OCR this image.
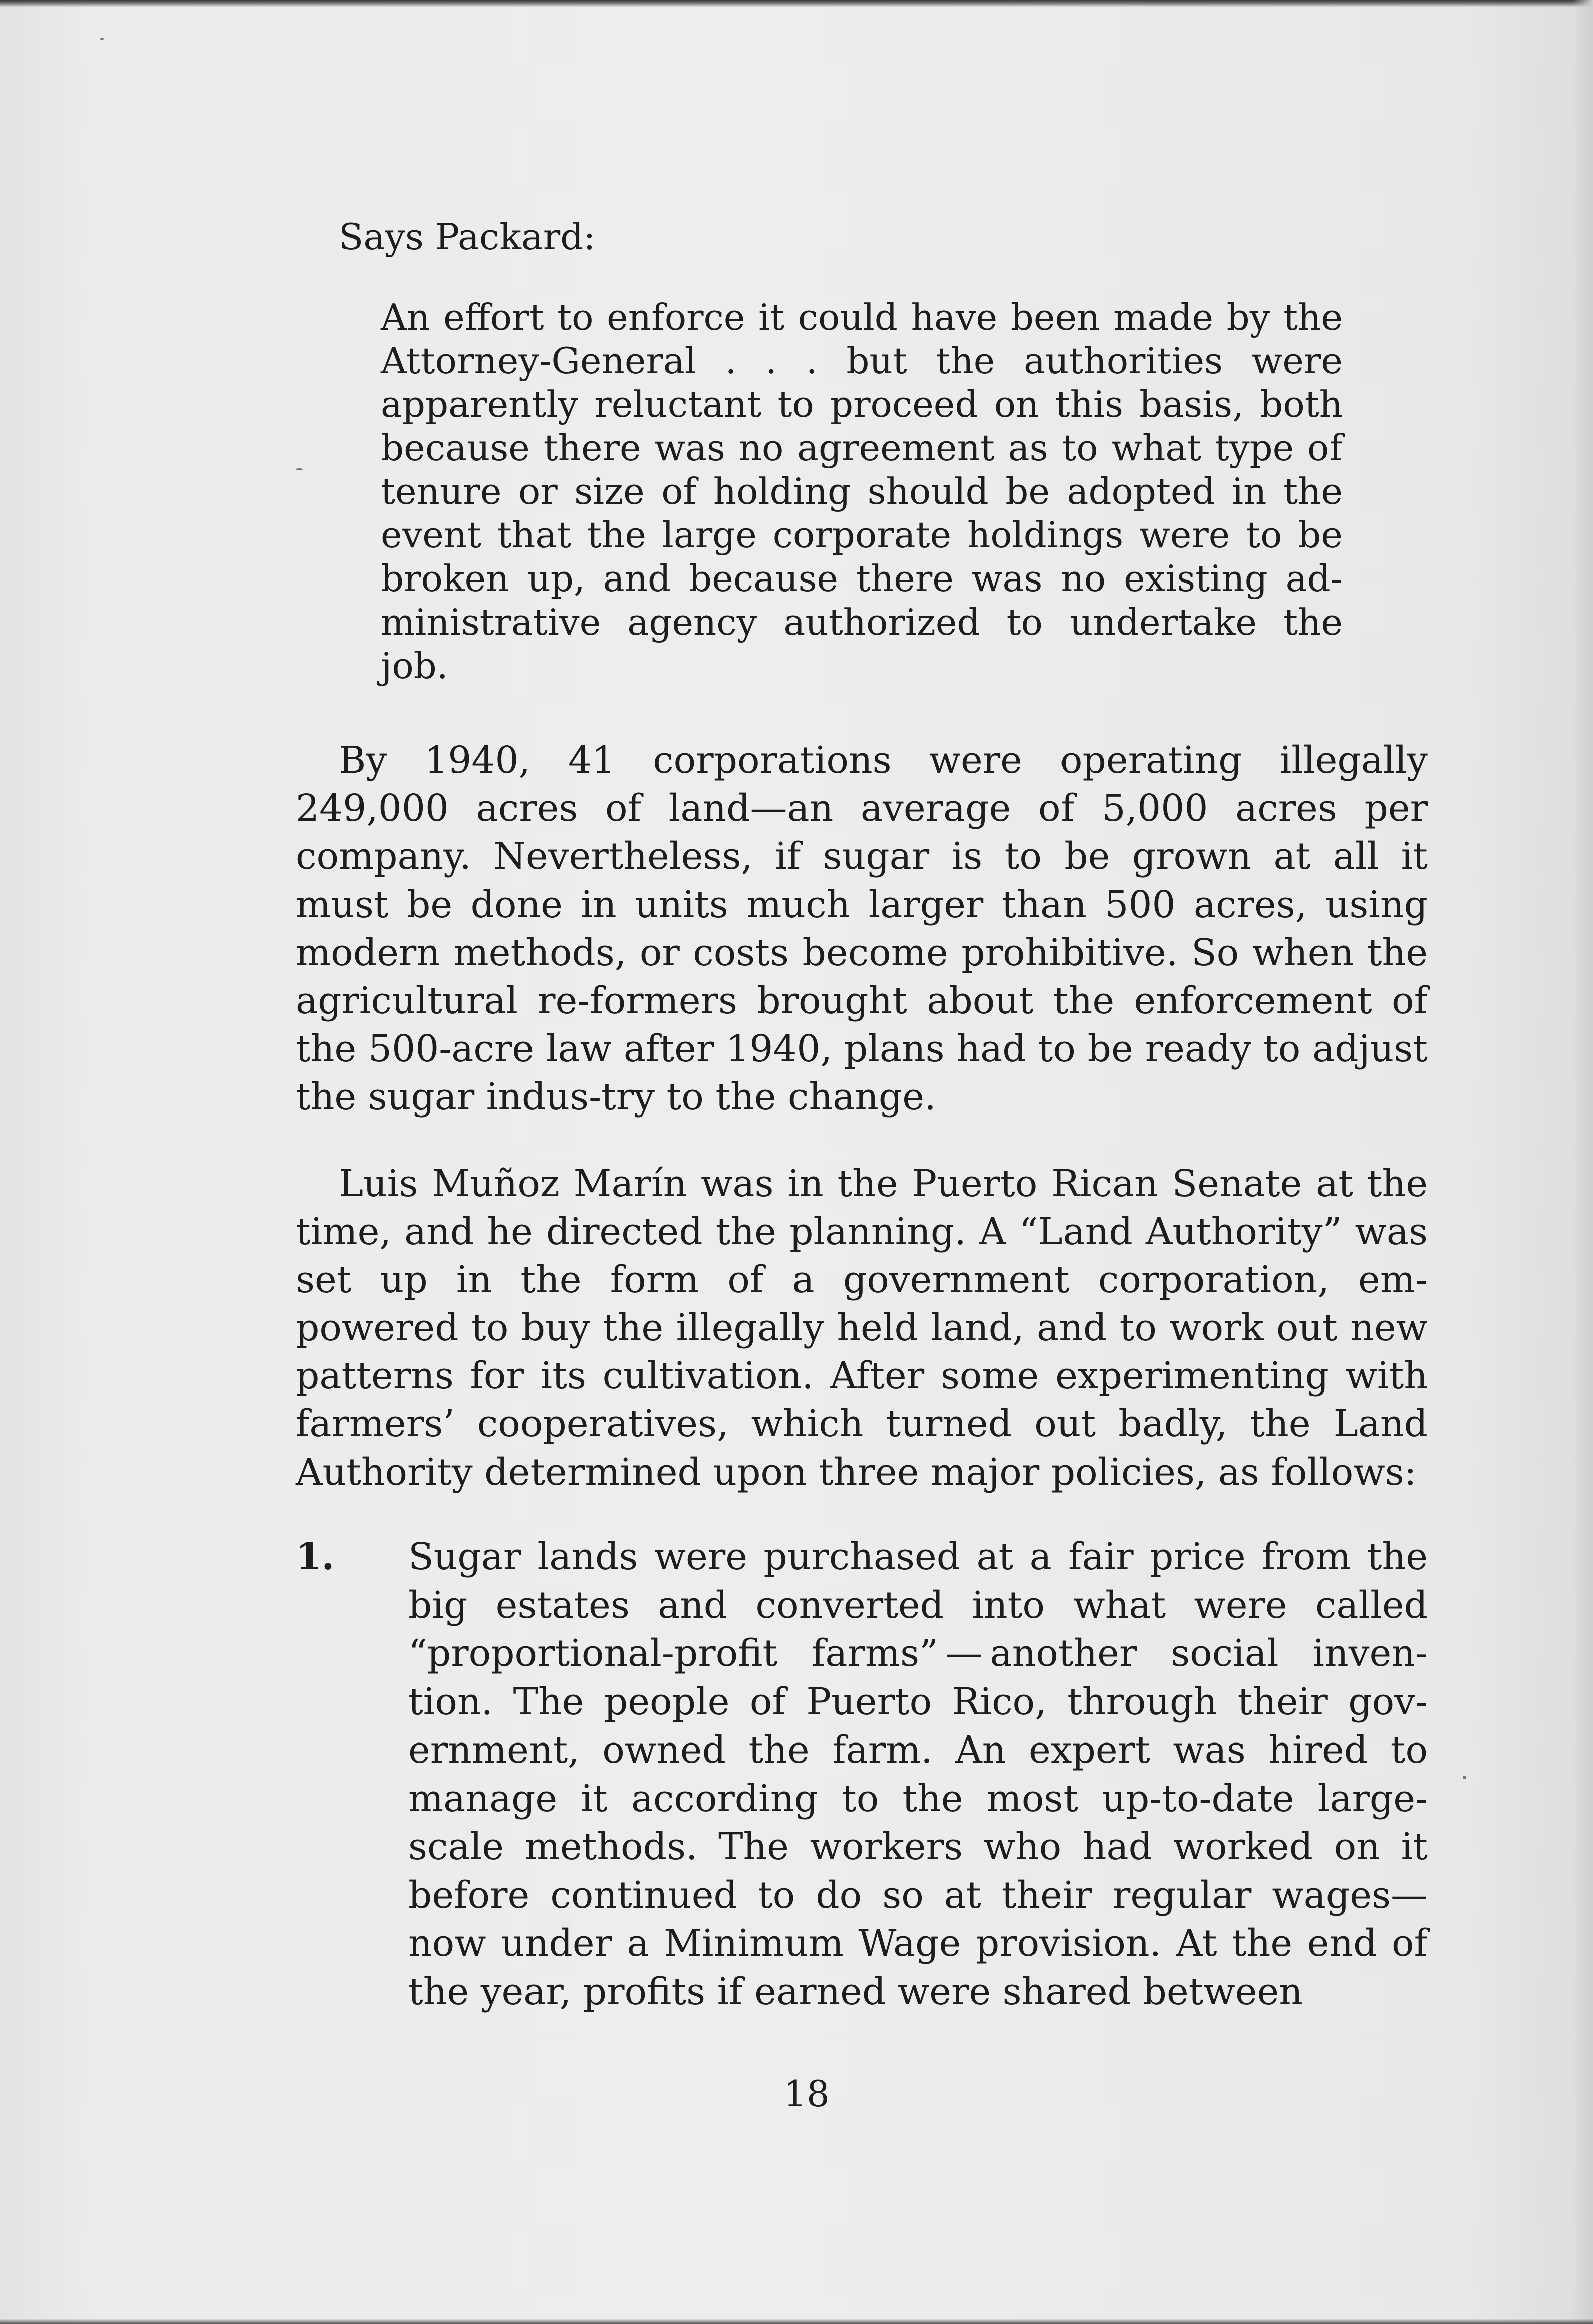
Says Packard:

An effort to enforce it could have been made by the Attorney-General . . . but the authorities were apparently reluctant to proceed on this basis, both because there was no agreement as to what type of tenure or size of holding should be adopted in the event that the large corporate holdings were to be broken up, and because there was no existing ad-ministrative agency authorized to undertake the job.

By 1940, 41 corporations were operating illegally 249,000 acres of land—an average of 5,000 acres per company. Nevertheless, if sugar is to be grown at all it must be done in units much larger than 500 acres, using modern methods, or costs become prohibitive. So when the agricultural re-formers brought about the enforcement of the 500-acre law after 1940, plans had to be ready to adjust the sugar indus-try to the change.

Luis Muñoz Marín was in the Puerto Rican Senate at the time, and he directed the planning. A “Land Authority” was set up in the form of a government corporation, em-powered to buy the illegally held land, and to work out new patterns for its cultivation. After some experimenting with farmers’ cooperatives, which turned out badly, the Land Authority determined upon three major policies, as follows:

1. Sugar lands were purchased at a fair price from the big estates and converted into what were called “proportional-profit farms” — another social inven-tion. The people of Puerto Rico, through their gov-ernment, owned the farm. An expert was hired to manage it according to the most up-to-date large-scale methods. The workers who had worked on it before continued to do so at their regular wages—now under a Minimum Wage provision. At the end of the year, profits if earned were shared between

18
